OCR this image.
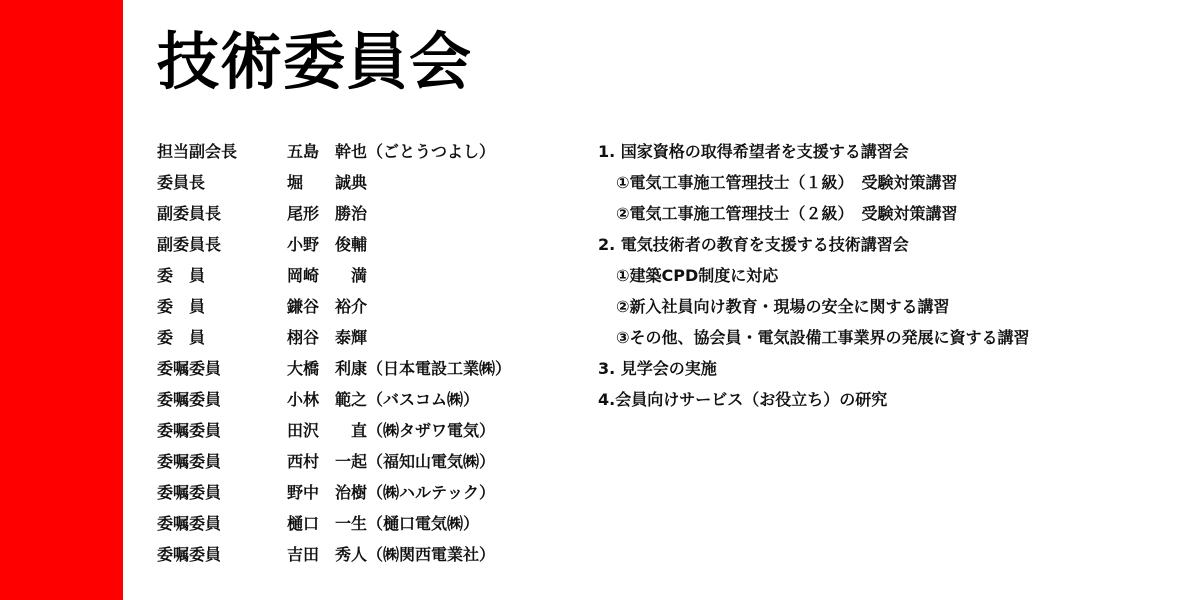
技術委員会
担当副会長	五島　幹也（ごとうつよし）
委員長	堀　　誠典
副委員長	尾形　勝治
副委員長	小野　俊輔
委　員	岡崎　　満
委　員	鎌谷　裕介
委　員	栩谷　泰輝
委嘱委員	大橋　利康（日本電設工業㈱）
委嘱委員	小林　範之（バスコム㈱）
委嘱委員	田沢　　直（㈱タザワ電気）
委嘱委員	西村　一起（福知山電気㈱）
委嘱委員	野中　治樹（㈱ハルテック）
委嘱委員	樋口　一生（樋口電気㈱）
委嘱委員	吉田　秀人（㈱関西電業社）
1. 国家資格の取得希望者を支援する講習会
①電気工事施工管理技士（１級）　受験対策講習
②電気工事施工管理技士（２級）　受験対策講習
2. 電気技術者の教育を支援する技術講習会
①建築CPD制度に対応
②新入社員向け教育・現場の安全に関する講習
③その他、協会員・電気設備工事業界の発展に資する講習
3. 見学会の実施
4.会員向けサービス（お役立ち）の研究
